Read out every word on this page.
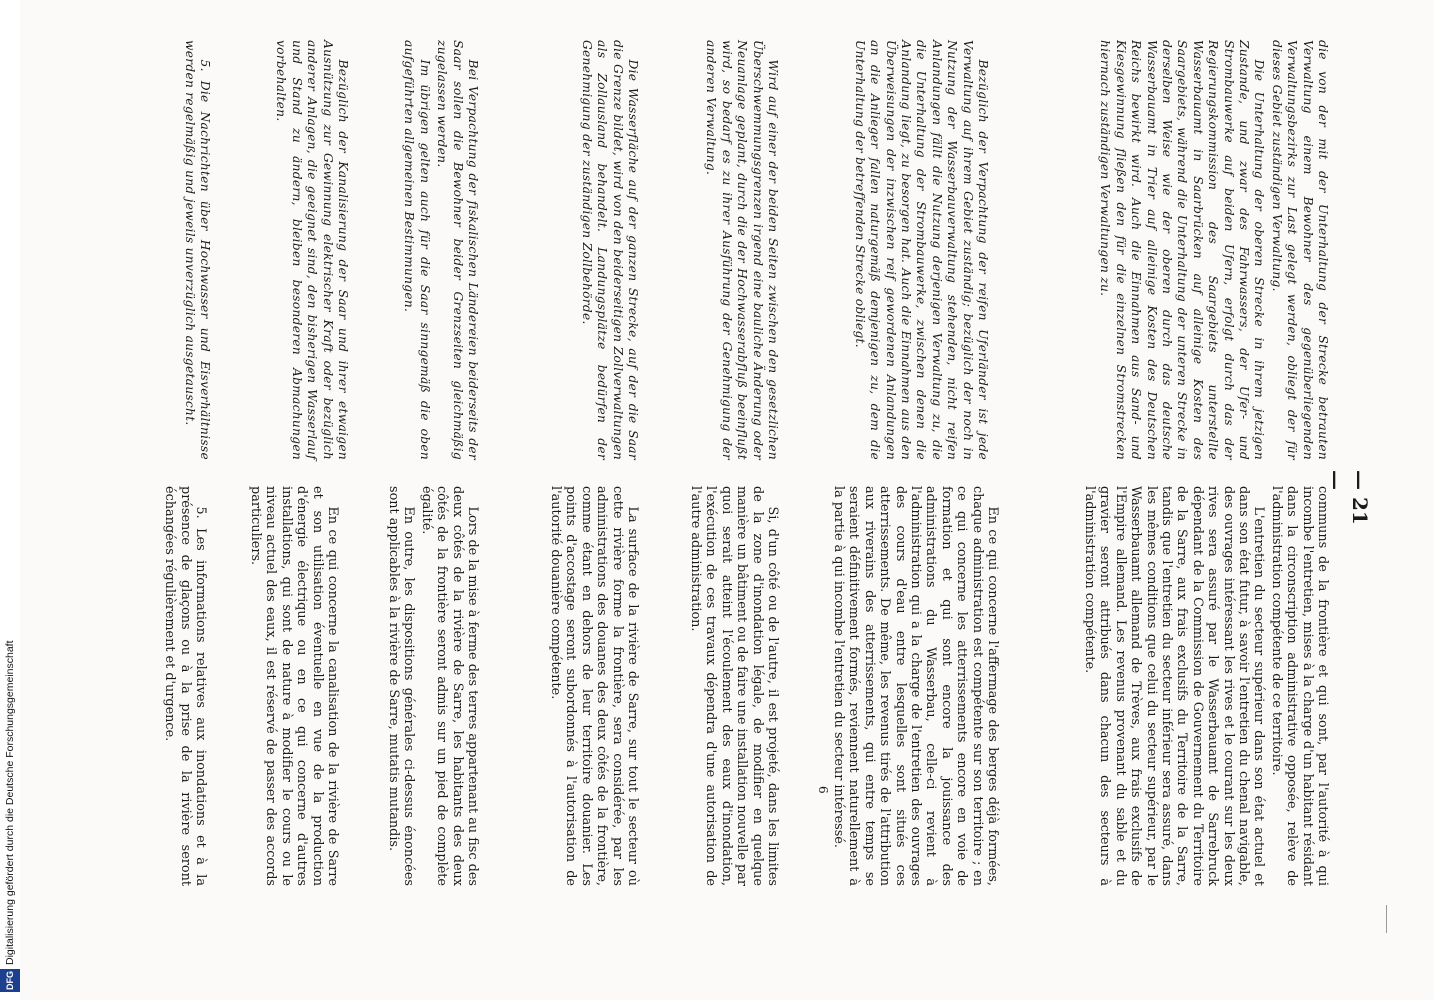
DFGDigitalisierung gefördert durch die Deutsche Forschungsgemeinschaft
— 21 —

communs de la frontière et qui sont, par l'autorité à qui incombe l'entretien, mises à la charge d'un habitant résidant dans la circonscription administrative opposée, relève de l'administration compétente de ce territoire.

L'entretien du secteur supérieur dans son état actuel et dans son état futur, à savoir l'entretien du chenal navigable, des ouvrages intéressant les rives et le courant sur les deux rives sera assuré par le Wasserbauamt de Sarrebruck dépendant de la Commission de Gouvernement du Territoire de la Sarre, aux frais exclusifs du Territoire de la Sarre, tandis que l'entretien du secteur inférieur sera assuré, dans les mêmes conditions que celui du secteur supérieur, par le Wasserbauamt allemand de Trèves, aux frais exclusifs de l'Empire allemand. Les revenus provenant du sable et du gravier seront attribués dans chacun des secteurs à l'administration compétente.

En ce qui concerne l'affermage des berges déjà formées, chaque administration est compétente sur son territoire ; en ce qui concerne les atterrissements encore en voie de formation et qui sont encore la jouissance des administrations du Wasserbau, celle-ci revient à l'administration qui a la charge de l'entretien des ouvrages des cours d'eau entre lesquelles sont situés ces atterrissements. De même, les revenus tirés de l'attribution aux riverains des atterrissements, qui entre temps se seraient définitivement formés, reviennent naturellement à la partie à qui incombe l'entretien du secteur intéressé.

Si, d'un côté ou de l'autre, il est projeté, dans les limites de la zone d'inondation légale, de modifier en quelque manière un bâtiment ou de faire une installation nouvelle par quoi serait atteint l'écoulement des eaux d'inondation, l'exécution de ces travaux dépendra d'une autorisation de l'autre administration.

La surface de la rivière de Sarre, sur tout le secteur où cette rivière forme la frontière, sera considérée, par les administrations des douanes des deux côtés de la frontière, comme étant en dehors de leur territoire douanier. Les points d'accostage seront subordonnés à l'autorisation de l'autorité douanière compétente.

Lors de la mise à ferme des terres appartenant au fisc des deux côtés de la rivière de Sarre, les habitants des deux côtés de la frontière seront admis sur un pied de complète égalité.

En outre, les dispositions générales ci-dessus énoncées sont applicables à la rivière de Sarre, mutatis mutandis.

En ce qui concerne la canalisation de la rivière de Sarre et son utilisation éventuelle en vue de la production d'énergie électrique ou en ce qui concerne d'autres installations, qui sont de nature à modifier le cours ou le niveau actuel des eaux, il est réservé de passer des accords particuliers.

5. Les informations relatives aux inondations et à la présence de glaçons ou à la prise de la rivière seront échangées régulièrement et d'urgence.

6

die von der mit der Unterhaltung der Strecke betrauten Verwaltung einem Bewohner des gegenüberliegenden Verwaltungsbezirks zur Last gelegt werden, obliegt der für dieses Gebiet zuständigen Verwaltung.

Die Unterhaltung der oberen Strecke in ihrem jetzigen Zustande, und zwar des Fahrwassers, der Ufer- und Strombauwerke auf beiden Ufern, erfolgt durch das der Regierungskommission des Saargebiets unterstellte Wasserbauamt in Saarbrücken auf alleinige Kosten des Saargebiets, während die Unterhaltung der unteren Strecke in derselben Weise wie der oberen durch das deutsche Wasserbauamt in Trier auf alleinige Kosten des Deutschen Reichs bewirkt wird. Auch die Einnahmen aus Sand- und Kiesgewinnung fließen den für die einzelnen Stromstrecken hiernach zuständigen Verwaltungen zu.

Bezüglich der Verpachtung der reifen Uferländer ist jede Verwaltung auf ihrem Gebiet zuständig; bezüglich der noch in Nutzung der Wasserbauverwaltung stehenden, nicht reifen Anlandungen fällt die Nutzung derjenigen Verwaltung zu, die die Unterhaltung der Strombauwerke, zwischen denen die Anlandung liegt, zu besorgen hat. Auch die Einnahmen aus den Überweisungen der inzwischen reif gewordenen Anlandungen an die Anlieger fallen naturgemäß demjenigen zu, dem die Unterhaltung der betreffenden Strecke obliegt.

Wird auf einer der beiden Seiten zwischen den gesetzlichen Überschwemmungsgrenzen irgend eine bauliche Änderung oder Neuanlage geplant, durch die der Hochwasserabfluß beeinflußt wird, so bedarf es zu ihrer Ausführung der Genehmigung der anderen Verwaltung.

Die Wasserfläche auf der ganzen Strecke, auf der die Saar die Grenze bildet, wird von den beiderseitigen Zollverwaltungen als Zollausland behandelt. Landungsplätze bedürfen der Genehmigung der zuständigen Zollbehörde.

Bei Verpachtung der fiskalischen Ländereien beiderseits der Saar sollen die Bewohner beider Grenzseiten gleichmäßig zugelassen werden.

Im übrigen gelten auch für die Saar sinngemäß die oben aufgeführten allgemeinen Bestimmungen.

Bezüglich der Kanalisierung der Saar und ihrer etwaigen Ausnützung zur Gewinnung elektrischer Kraft oder bezüglich anderer Anlagen, die geeignet sind, den bisherigen Wasserlauf und Stand zu ändern, bleiben besonderen Abmachungen vorbehalten.

5. Die Nachrichten über Hochwasser und Eisverhältnisse werden regelmäßig und jeweils unverzüglich ausgetauscht.
